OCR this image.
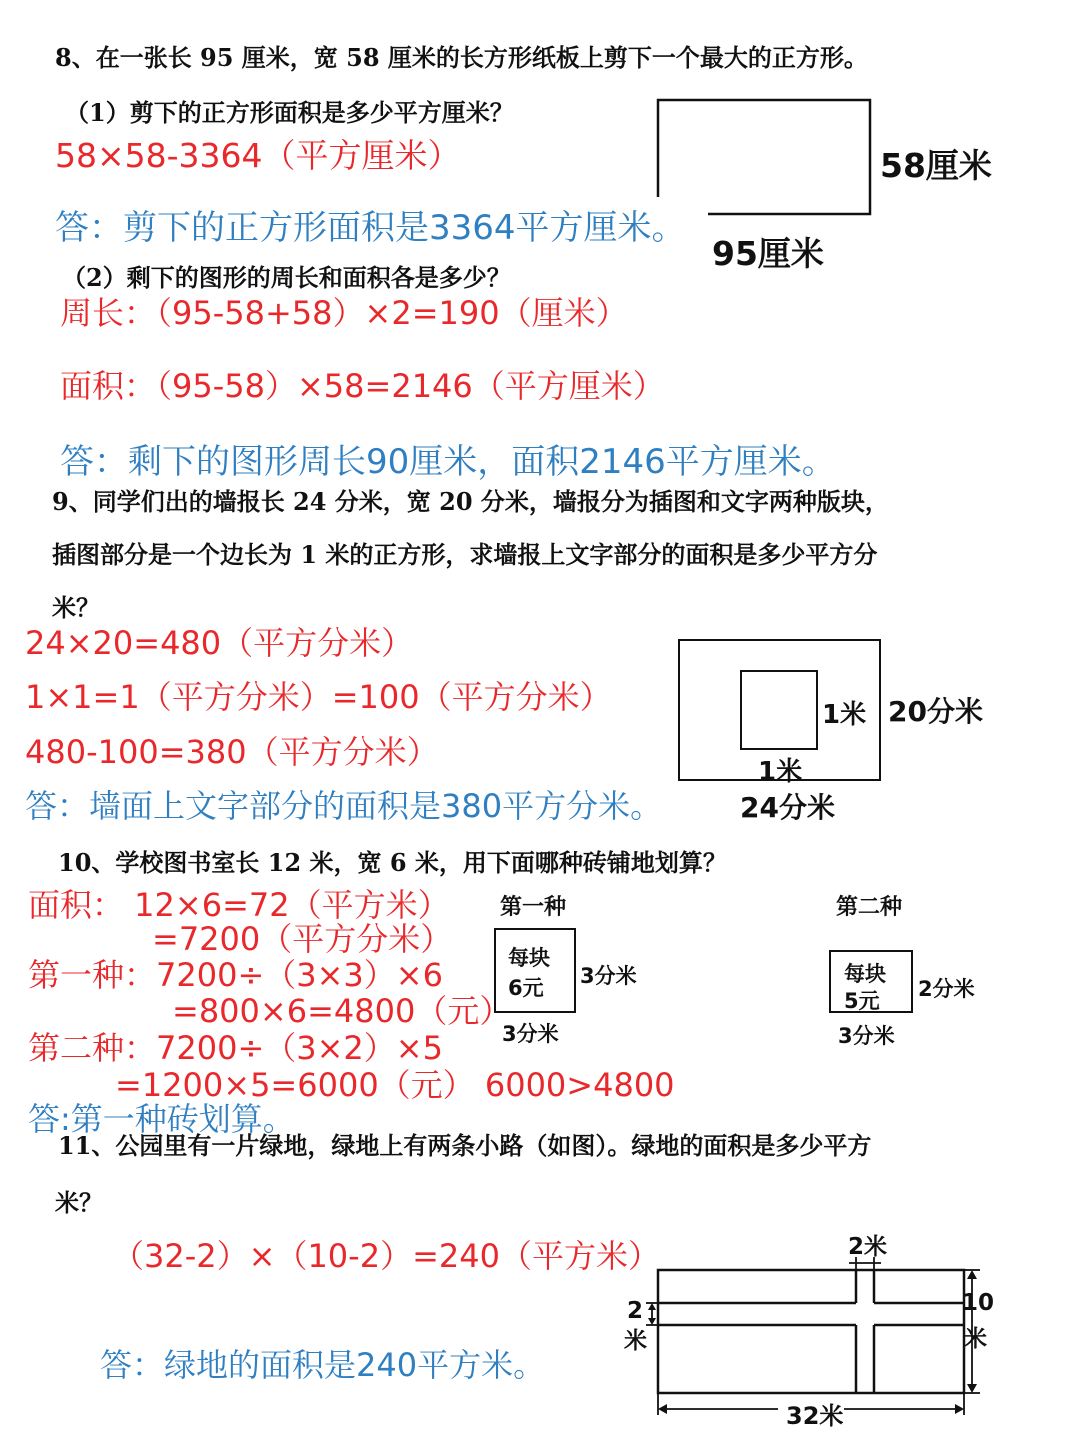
8、在一张长 95 厘米，宽 58 厘米的长方形纸板上剪下一个最大的正方形。
（1）剪下的正方形面积是多少平方厘米？
58×58-3364（平方厘米）
答：剪下的正方形面积是3364平方厘米。
（2）剩下的图形的周长和面积各是多少？
周长：（95-58+58）×2=190（厘米）
面积：（95-58）×58=2146（平方厘米）
答：剩下的图形周长90厘米，面积2146平方厘米。
58厘米
95厘米
9、同学们出的墙报长 24 分米，宽 20 分米，墙报分为插图和文字两种版块，
插图部分是一个边长为 1 米的正方形，求墙报上文字部分的面积是多少平方分
米？
24×20=480（平方分米）
1×1=1（平方分米）=100（平方分米）
480-100=380（平方分米）
答：墙面上文字部分的面积是380平方分米。
1米
1米
20分米
24分米
10、学校图书室长 12 米，宽 6 米，用下面哪种砖铺地划算？
面积： 12×6=72（平方米）
=7200（平方分米）
第一种：7200÷（3×3）×6
=800×6=4800（元）
第二种：7200÷（3×2）×5
=1200×5=6000（元） 6000>4800
答:第一种砖划算。
第一种
每块
6元 3分米
3分米
第二种
每块
5元 2分米
3分米
11、公园里有一片绿地，绿地上有两条小路（如图）。绿地的面积是多少平方
米？
（32-2）×（10-2）=240（平方米）
答：绿地的面积是240平方米。
2米
2
米
10
米
32米
